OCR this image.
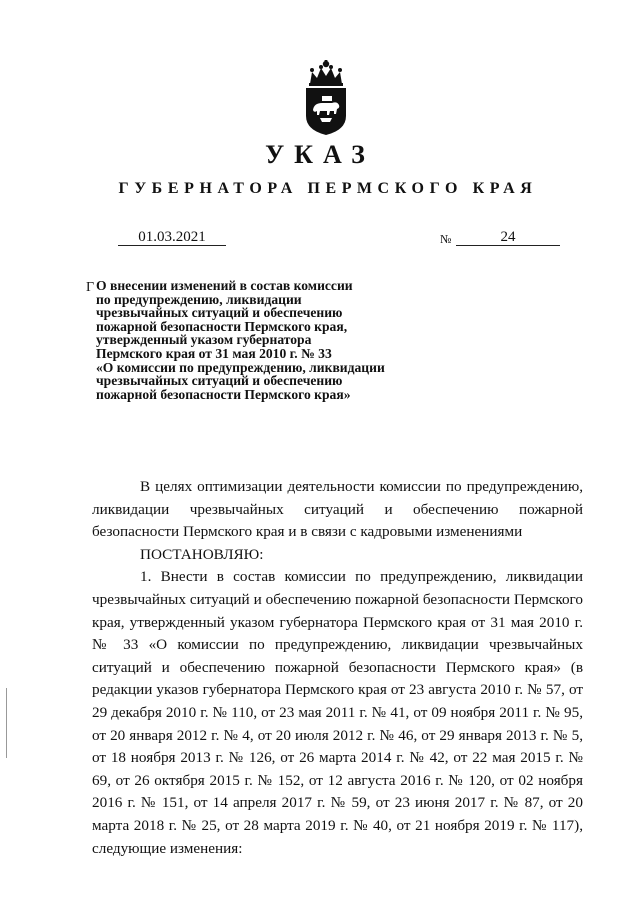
УКАЗ
ГУБЕРНАТОРА ПЕРМСКОГО КРАЯ
01.03.2021	№	24
Г О внесении изменений в состав комиссии
по предупреждению, ликвидации
чрезвычайных ситуаций и обеспечению
пожарной безопасности Пермского края,
утвержденный указом губернатора
Пермского края от 31 мая 2010 г. № 33
«О комиссии по предупреждению, ликвидации
чрезвычайных ситуаций и обеспечению
пожарной безопасности Пермского края»
В целях оптимизации деятельности комиссии по предупреждению, ликвидации чрезвычайных ситуаций и обеспечению пожарной безопасности Пермского края и в связи с кадровыми изменениями
ПОСТАНОВЛЯЮ:
1. Внести в состав комиссии по предупреждению, ликвидации чрезвычайных ситуаций и обеспечению пожарной безопасности Пермского края, утвержденный указом губернатора Пермского края от 31 мая 2010 г. № 33 «О комиссии по предупреждению, ликвидации чрезвычайных ситуаций и обеспечению пожарной безопасности Пермского края» (в редакции указов губернатора Пермского края от 23 августа 2010 г. № 57, от 29 декабря 2010 г. № 110, от 23 мая 2011 г. № 41, от 09 ноября 2011 г. № 95, от 20 января 2012 г. № 4, от 20 июля 2012 г. № 46, от 29 января 2013 г. № 5, от 18 ноября 2013 г. № 126, от 26 марта 2014 г. № 42, от 22 мая 2015 г. № 69, от 26 октября 2015 г. № 152, от 12 августа 2016 г. № 120, от 02 ноября 2016 г. № 151, от 14 апреля 2017 г. № 59, от 23 июня 2017 г. № 87, от 20 марта 2018 г. № 25, от 28 марта 2019 г. № 40, от 21 ноября 2019 г. № 117), следующие изменения:
